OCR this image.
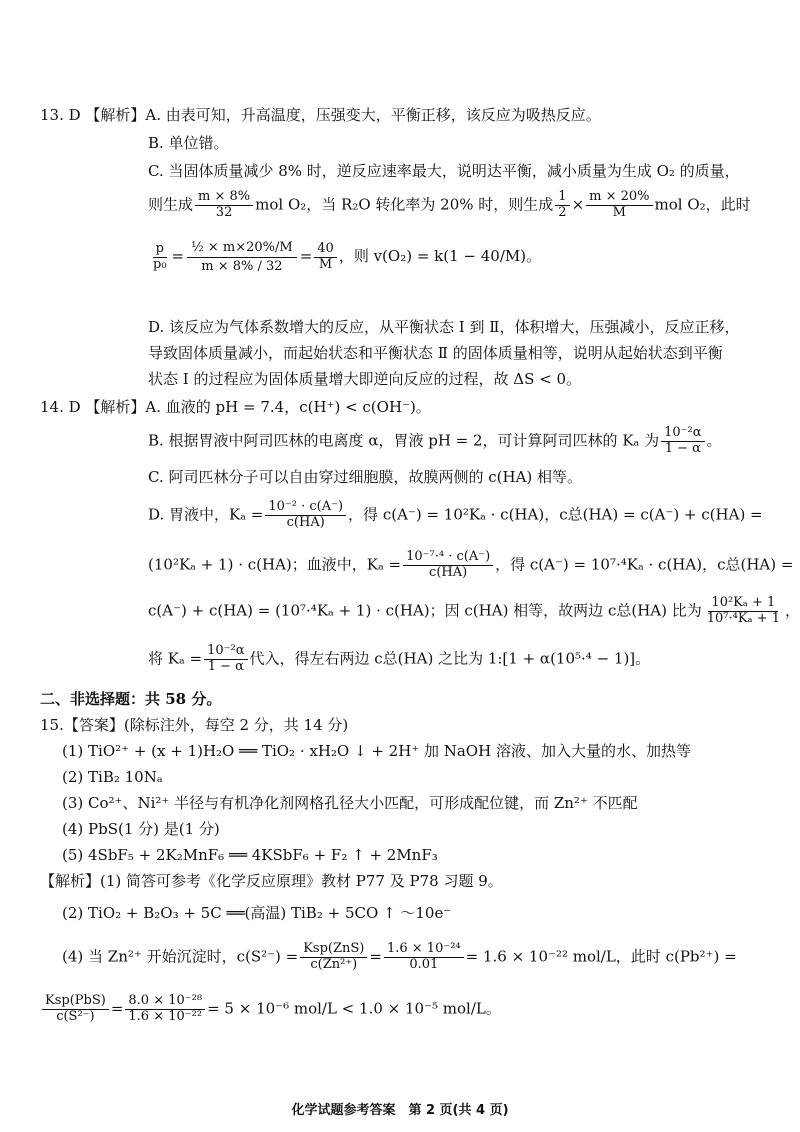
13. D 【解析】A. 由表可知，升高温度，压强变大，平衡正移，该反应为吸热反应。
B. 单位错。
C. 当固体质量减少 8% 时，逆反应速率最大，说明达平衡，减小质量为生成 O₂ 的质量，
则生成 $\frac{m \times 8\%}{32}$ mol O₂，当 R₂O 转化率为 20% 时，则生成 $\frac{1}{2} \times \frac{m \times 20\%}{M}$ mol O₂，此时
$\frac{p}{\text{p₀}} = \frac{\text{½ × m×20\%/M}}{m \times 8\% / 32} = \frac{40}{M}$ ，则 v(O₂) = k(1 − 40/M)。
D. 该反应为气体系数增大的反应，从平衡状态 Ⅰ 到 Ⅱ，体积增大，压强减小，反应正移，
导致固体质量减小，而起始状态和平衡状态 Ⅱ 的固体质量相等，说明从起始状态到平衡
状态 Ⅰ 的过程应为固体质量增大即逆向反应的过程，故 ΔS < 0。
14. D 【解析】A. 血液的 pH = 7.4，c(H⁺) < c(OH⁻)。
B. 根据胃液中阿司匹林的电离度 α，胃液 pH = 2，可计算阿司匹林的 Kₐ 为 $\frac{\text{10⁻²α}}{1 - \alpha}$ 。
C. 阿司匹林分子可以自由穿过细胞膜，故膜两侧的 c(HA) 相等。
D. 胃液中，$K_a = \frac{\text{10⁻² · c(A⁻)}}{c(HA)}$ ，得 c(A⁻) = 10²Kₐ · c(HA)，c总(HA) = c(A⁻) + c(HA) =
(10²Kₐ + 1) · c(HA)；血液中，$K_a = \frac{\text{10⁻⁷·⁴ · c(A⁻)}}{c(HA)}$ ，得 c(A⁻) = 10⁷·⁴Kₐ · c(HA)，c总(HA) =
c(A⁻) + c(HA) = (10⁷·⁴Kₐ + 1) · c(HA)；因 c(HA) 相等，故两边 c总(HA) 比为 $\frac{\text{10²Kₐ + 1}}{\text{10⁷·⁴Kₐ + 1}}$ ，
将 $K_a = \frac{\text{10⁻²α}}{1 - \alpha}$ 代入，得左右两边 c总(HA) 之比为 1:[1 + α(10⁵·⁴ − 1)]。
二、非选择题：共 58 分。
15.【答案】(除标注外，每空 2 分，共 14 分)
(1) TiO²⁺ + (x + 1)H₂O ══ TiO₂ · xH₂O ↓ + 2H⁺ 加 NaOH 溶液、加入大量的水、加热等
(2) TiB₂ 10Nₐ
(3) Co²⁺、Ni²⁺ 半径与有机净化剂网格孔径大小匹配，可形成配位键，而 Zn²⁺ 不匹配
(4) PbS(1 分) 是(1 分)
(5) 4SbF₅ + 2K₂MnF₆ ══ 4KSbF₆ + F₂ ↑ + 2MnF₃
【解析】(1) 简答可参考《化学反应原理》教材 P77 及 P78 习题 9。
(2) TiO₂ + B₂O₃ + 5C ══(高温) TiB₂ + 5CO ↑ ～10e⁻
(4) 当 Zn²⁺ 开始沉淀时，$c(S^{2-}) = \frac{\text{Ksp(ZnS)}}{\text{c(Zn²⁺)}} = \frac{\text{1.6 × 10⁻²⁴}}{0.01} = 1.6 \times 10^{-22}$ mol/L，此时 c(Pb²⁺) =
$\frac{\text{Ksp(PbS)}}{\text{c(S²⁻)}} = \frac{\text{8.0 × 10⁻²⁸}}{\text{1.6 × 10⁻²²}} = 5 \times 10^{-6}$ mol/L < 1.0 × 10⁻⁵ mol/L。
化学试题参考答案　第 2 页(共 4 页)
